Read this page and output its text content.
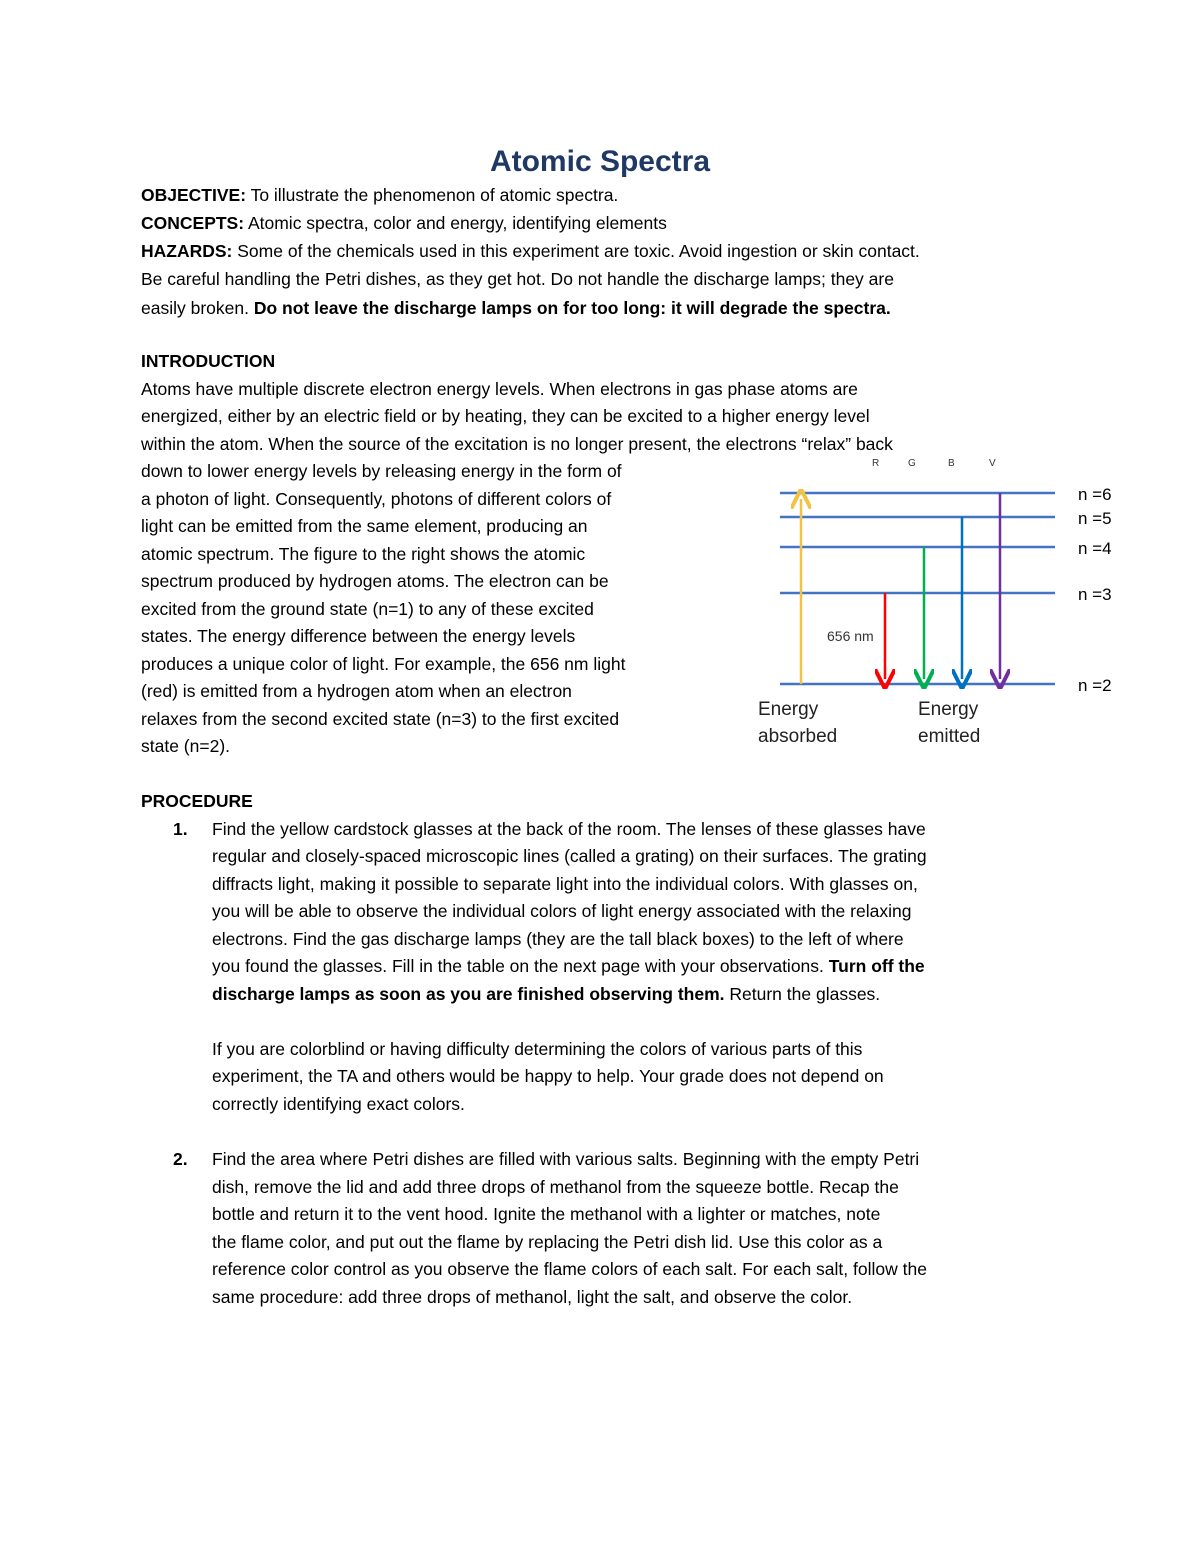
Atomic Spectra
OBJECTIVE: To illustrate the phenomenon of atomic spectra.
CONCEPTS: Atomic spectra, color and energy, identifying elements
HAZARDS: Some of the chemicals used in this experiment are toxic. Avoid ingestion or skin contact.
Be careful handling the Petri dishes, as they get hot. Do not handle the discharge lamps; they are
easily broken. Do not leave the discharge lamps on for too long: it will degrade the spectra.
INTRODUCTION
Atoms have multiple discrete electron energy levels. When electrons in gas phase atoms are
energized, either by an electric field or by heating, they can be excited to a higher energy level
within the atom. When the source of the excitation is no longer present, the electrons “relax” back
down to lower energy levels by releasing energy in the form of
a photon of light. Consequently, photons of different colors of
light can be emitted from the same element, producing an
atomic spectrum. The figure to the right shows the atomic
spectrum produced by hydrogen atoms. The electron can be
excited from the ground state (n=1) to any of these excited
states. The energy difference between the energy levels
produces a unique color of light. For example, the 656 nm light
(red) is emitted from a hydrogen atom when an electron
relaxes from the second excited state (n=3) to the first excited
state (n=2).
R	G	B	V
n =6
n =5
n =4
n =3
n =2
656 nm
Energy
absorbed
Energy
emitted
PROCEDURE
1. Find the yellow cardstock glasses at the back of the room. The lenses of these glasses have
regular and closely-spaced microscopic lines (called a grating) on their surfaces. The grating
diffracts light, making it possible to separate light into the individual colors. With glasses on,
you will be able to observe the individual colors of light energy associated with the relaxing
electrons. Find the gas discharge lamps (they are the tall black boxes) to the left of where
you found the glasses. Fill in the table on the next page with your observations. Turn off the
discharge lamps as soon as you are finished observing them. Return the glasses.
If you are colorblind or having difficulty determining the colors of various parts of this
experiment, the TA and others would be happy to help. Your grade does not depend on
correctly identifying exact colors.
2. Find the area where Petri dishes are filled with various salts. Beginning with the empty Petri
dish, remove the lid and add three drops of methanol from the squeeze bottle. Recap the
bottle and return it to the vent hood. Ignite the methanol with a lighter or matches, note
the flame color, and put out the flame by replacing the Petri dish lid. Use this color as a
reference color control as you observe the flame colors of each salt. For each salt, follow the
same procedure: add three drops of methanol, light the salt, and observe the color.
